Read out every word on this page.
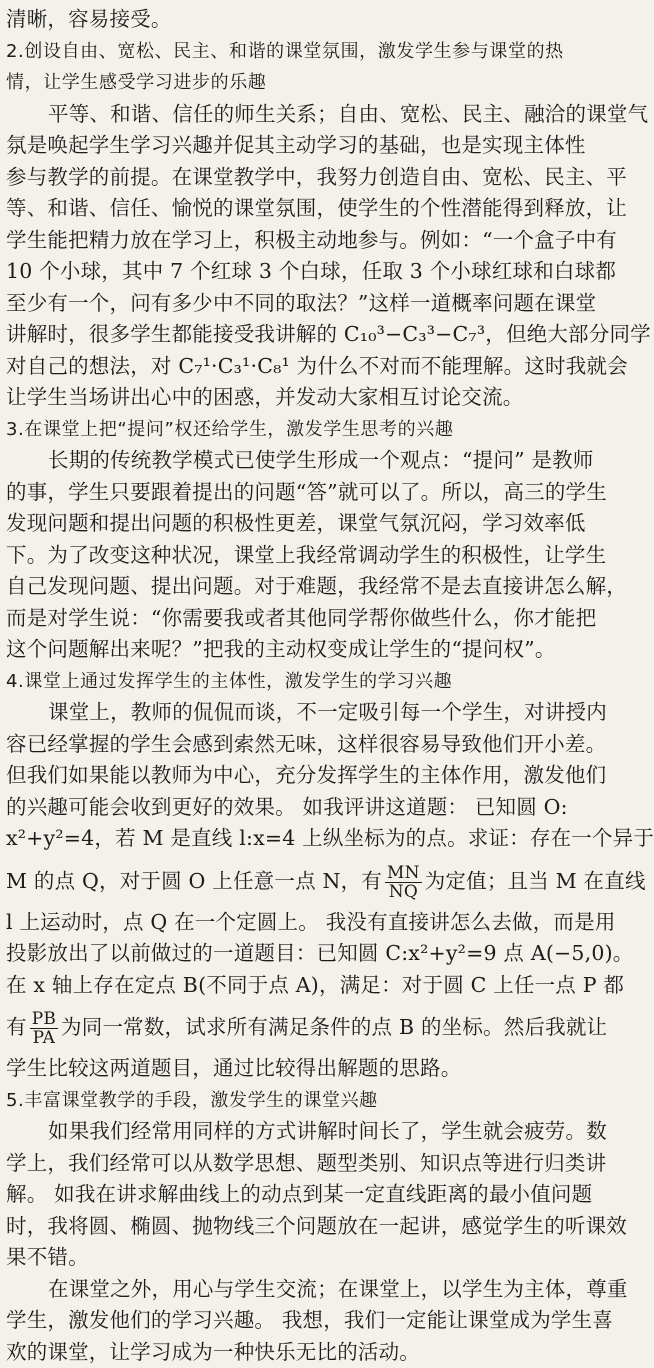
清晰，容易接受。
2.创设自由、宽松、民主、和谐的课堂氛围，激发学生参与课堂的热
情，让学生感受学习进步的乐趣
平等、和谐、信任的师生关系；自由、宽松、民主、融洽的课堂气
氛是唤起学生学习兴趣并促其主动学习的基础，也是实现主体性
参与教学的前提。在课堂教学中，我努力创造自由、宽松、民主、平
等、和谐、信任、愉悦的课堂氛围，使学生的个性潜能得到释放，让
学生能把精力放在学习上，积极主动地参与。例如：“一个盒子中有
10 个小球，其中 7 个红球 3 个白球，任取 3 个小球红球和白球都
至少有一个，问有多少中不同的取法？”这样一道概率问题在课堂
讲解时，很多学生都能接受我讲解的 C₁₀³−C₃³−C₇³，但绝大部分同学
对自己的想法，对 C₇¹·C₃¹·C₈¹ 为什么不对而不能理解。这时我就会
让学生当场讲出心中的困惑，并发动大家相互讨论交流。
3.在课堂上把“提问”权还给学生，激发学生思考的兴趣
长期的传统教学模式已使学生形成一个观点：“提问” 是教师
的事，学生只要跟着提出的问题“答”就可以了。所以，高三的学生
发现问题和提出问题的积极性更差，课堂气氛沉闷，学习效率低
下。为了改变这种状况，课堂上我经常调动学生的积极性，让学生
自己发现问题、提出问题。对于难题，我经常不是去直接讲怎么解，
而是对学生说：“你需要我或者其他同学帮你做些什么，你才能把
这个问题解出来呢？”把我的主动权变成让学生的“提问权”。
4.课堂上通过发挥学生的主体性，激发学生的学习兴趣
课堂上，教师的侃侃而谈，不一定吸引每一个学生，对讲授内
容已经掌握的学生会感到索然无味，这样很容易导致他们开小差。
但我们如果能以教师为中心，充分发挥学生的主体作用，激发他们
的兴趣可能会收到更好的效果。 如我评讲这道题： 已知圆 O:
x²+y²=4，若 M 是直线 l:x=4 上纵坐标为的点。求证：存在一个异于
M 的点 Q，对于圆 O 上任意一点 N，有 $\frac{MN}{NQ}$ 为定值；且当 M 在直线
l 上运动时，点 Q 在一个定圆上。 我没有直接讲怎么去做，而是用
投影放出了以前做过的一道题目：已知圆 C:x²+y²=9 点 A(−5,0)。
在 x 轴上存在定点 B(不同于点 A)，满足：对于圆 C 上任一点 P 都
有 $\frac{PB}{PA}$ 为同一常数，试求所有满足条件的点 B 的坐标。然后我就让
学生比较这两道题目，通过比较得出解题的思路。
5.丰富课堂教学的手段，激发学生的课堂兴趣
如果我们经常用同样的方式讲解时间长了，学生就会疲劳。数
学上，我们经常可以从数学思想、题型类别、知识点等进行归类讲
解。 如我在讲求解曲线上的动点到某一定直线距离的最小值问题
时，我将圆、椭圆、抛物线三个问题放在一起讲，感觉学生的听课效
果不错。
在课堂之外，用心与学生交流；在课堂上，以学生为主体，尊重
学生，激发他们的学习兴趣。 我想，我们一定能让课堂成为学生喜
欢的课堂，让学习成为一种快乐无比的活动。
